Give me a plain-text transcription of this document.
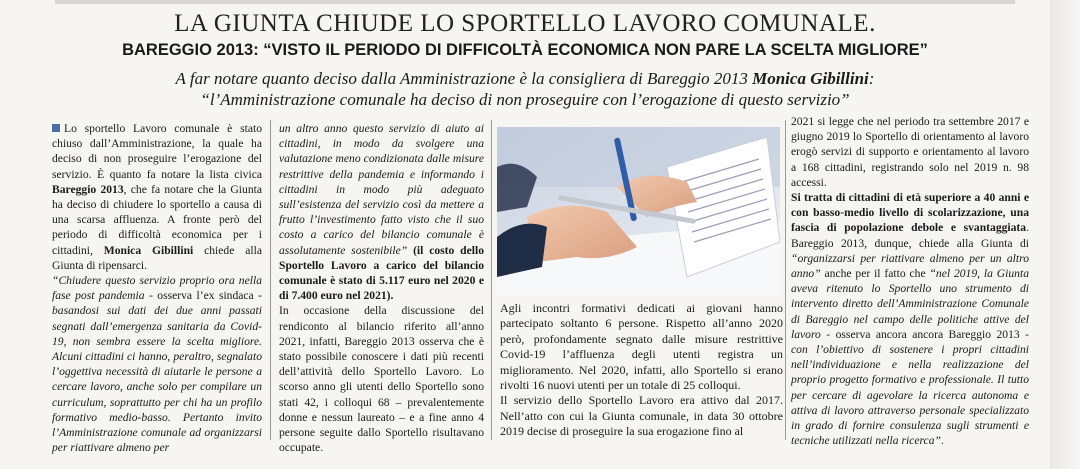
LA GIUNTA CHIUDE LO SPORTELLO LAVORO COMUNALE.
BAREGGIO 2013: “VISTO IL PERIODO DI DIFFICOLTÀ ECONOMICA NON PARE LA SCELTA MIGLIORE”
A far notare quanto deciso dalla Amministrazione è la consigliera di Bareggio 2013 Monica Gibillini:
“l’Amministrazione comunale ha deciso di non proseguire con l’erogazione di questo servizio”

Lo sportello Lavoro comunale è stato chiuso dall’Amministrazione, la quale ha deciso di non proseguire l’erogazione del servizio. È quanto fa notare la lista civica Bareggio 2013, che fa notare che la Giunta ha deciso di chiudere lo sportello a causa di una scarsa affluenza. A fronte però del periodo di difficoltà economica per i cittadini, Monica Gibillini chiede alla Giunta di ripensarci.

“Chiudere questo servizio proprio ora nella fase post pandemia - osserva l’ex sindaca - basandosi sui dati dei due anni passati segnati dall’emergenza sanitaria da Covid-19, non sembra essere la scelta migliore. Alcuni cittadini ci hanno, peraltro, segnalato l’oggettiva necessità di aiutarle le persone a cercare lavoro, anche solo per compilare un curriculum, soprattutto per chi ha un profilo formativo medio-basso. Pertanto invito l’Amministrazione comunale ad organizzarsi per riattivare almeno per

un altro anno questo servizio di aiuto ai cittadini, in modo da svolgere una valutazione meno condizionata dalle misure restrittive della pandemia e informando i cittadini in modo più adeguato sull’esistenza del servizio così da mettere a frutto l’investimento fatto visto che il suo costo a carico del bilancio comunale è assolutamente sostenibile” (il costo dello Sportello Lavoro a carico del bilancio comunale è stato di 5.117 euro nel 2020 e di 7.400 euro nel 2021).

In occasione della discussione del rendiconto al bilancio riferito all’anno 2021, infatti, Bareggio 2013 osserva che è stato possibile conoscere i dati più recenti dell’attività dello Sportello Lavoro. Lo scorso anno gli utenti dello Sportello sono stati 42, i colloqui 68 – prevalentemente donne e nessun laureato – e a fine anno 4 persone seguite dallo Sportello risultavano occupate.

Agli incontri formativi dedicati ai giovani hanno partecipato soltanto 6 persone. Rispetto all’anno 2020 però, profondamente segnato dalle misure restrittive Covid-19 l’affluenza degli utenti registra un miglioramento. Nel 2020, infatti, allo Sportello si erano rivolti 16 nuovi utenti per un totale di 25 colloqui.

Il servizio dello Sportello Lavoro era attivo dal 2017. Nell’atto con cui la Giunta comunale, in data 30 ottobre 2019 decise di proseguire la sua erogazione fino al

2021 si legge che nel periodo tra settembre 2017 e giugno 2019 lo Sportello di orientamento al lavoro erogò servizi di supporto e orientamento al lavoro a 168 cittadini, registrando solo nel 2019 n. 98 accessi.

Si tratta di cittadini di età superiore a 40 anni e con basso-medio livello di scolarizzazione, una fascia di popolazione debole e svantaggiata. Bareggio 2013, dunque, chiede alla Giunta di “organizzarsi per riattivare almeno per un altro anno” anche per il fatto che “nel 2019, la Giunta aveva ritenuto lo Sportello uno strumento di intervento diretto dell’Amministrazione Comunale di Bareggio nel campo delle politiche attive del lavoro - osserva ancora ancora Bareggio 2013 - con l’obiettivo di sostenere i propri cittadini nell’individuazione e nella realizzazione del proprio progetto formativo e professionale. Il tutto per cercare di agevolare la ricerca autonoma e attiva di lavoro attraverso personale specializzato in grado di fornire consulenza sugli strumenti e tecniche utilizzati nella ricerca”.
